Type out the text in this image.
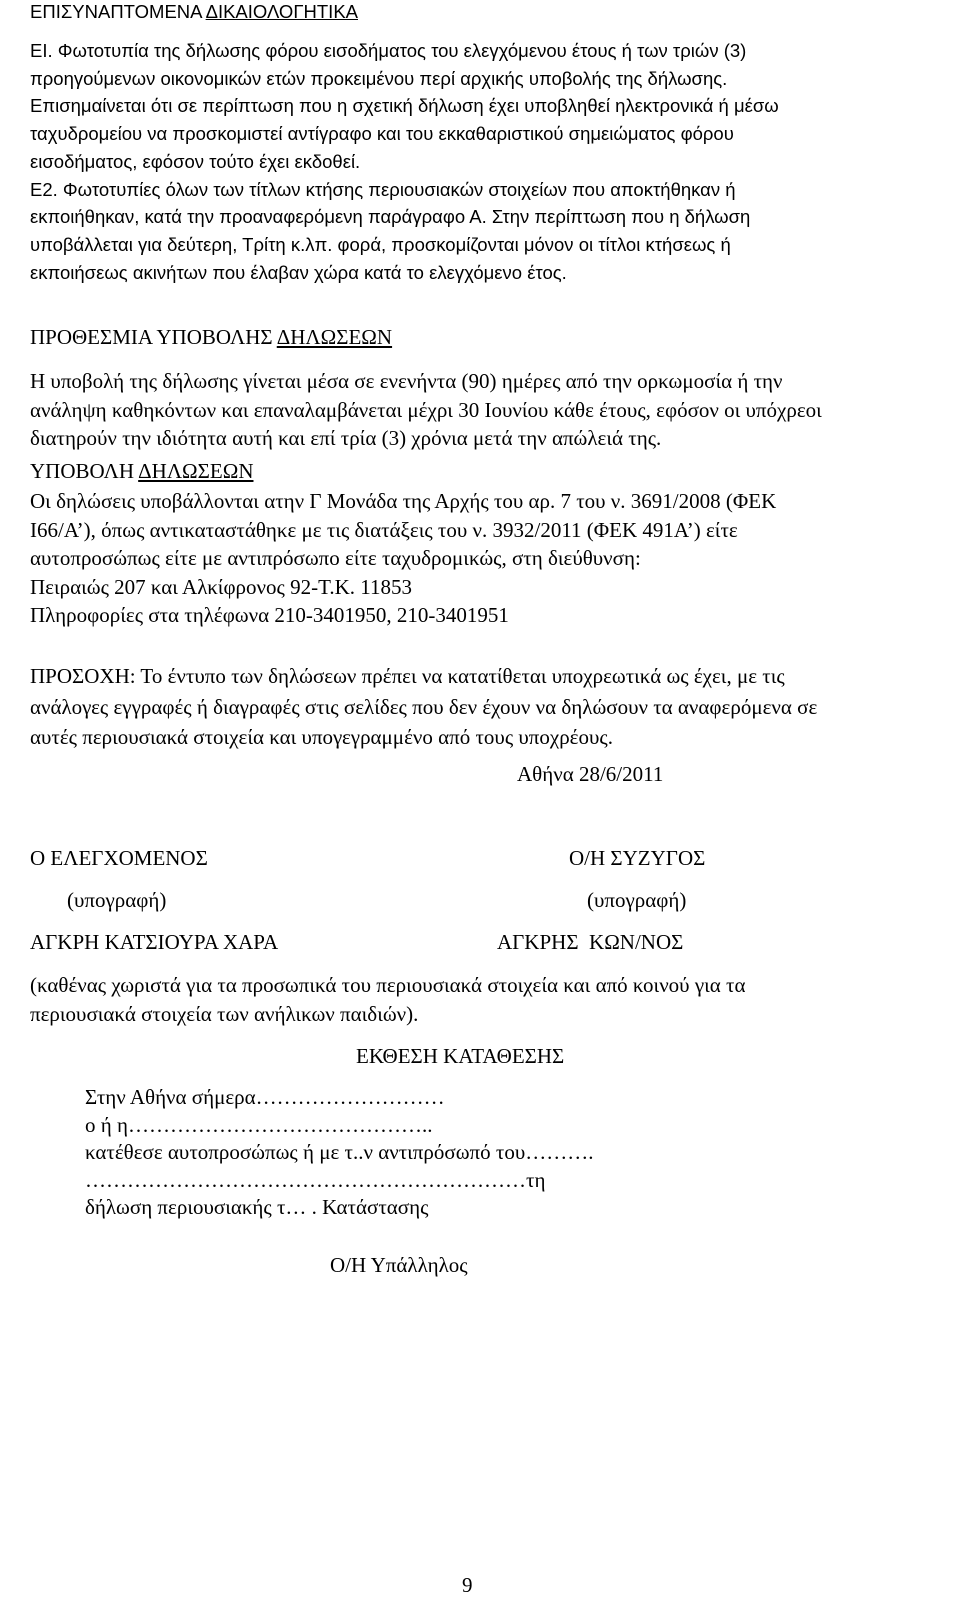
ΕΠΙΣΥΝΑΠΤΟΜΕΝΑ ΔΙΚΑΙΟΛΟΓΗΤΙΚΑ
ΕΙ. Φωτοτυπία της δήλωσης φόρου εισοδήματος του ελεγχόμενου έτους ή των τριών (3)
προηγούμενων οικονομικών ετών προκειμένου περί αρχικής υποβολής της δήλωσης.
Επισημαίνεται ότι σε περίπτωση που η σχετική δήλωση έχει υποβληθεί ηλεκτρονικά ή μέσω
ταχυδρομείου να προσκομιστεί αντίγραφο και του εκκαθαριστικού σημειώματος φόρου
εισοδήματος, εφόσον τούτο έχει εκδοθεί.
Ε2. Φωτοτυπίες όλων των τίτλων κτήσης περιουσιακών στοιχείων που αποκτήθηκαν ή
εκποιήθηκαν, κατά την προαναφερόμενη παράγραφο Α. Στην περίπτωση που η δήλωση
υποβάλλεται για δεύτερη, Τρίτη κ.λπ. φορά, προσκομίζονται μόνον οι τίτλοι κτήσεως ή
εκποιήσεως ακινήτων που έλαβαν χώρα κατά το ελεγχόμενο έτος.
ΠΡΟΘΕΣΜΙΑ ΥΠΟΒΟΛΗΣ ΔΗΛΩΣΕΩΝ
Η υποβολή της δήλωσης γίνεται μέσα σε ενενήντα (90) ημέρες από την ορκωμοσία ή την
ανάληψη καθηκόντων και επαναλαμβάνεται μέχρι 30 Ιουνίου κάθε έτους, εφόσον οι υπόχρεοι
διατηρούν την ιδιότητα αυτή και επί τρία (3) χρόνια μετά την απώλειά της.
ΥΠΟΒΟΛΗ ΔΗΛΩΣΕΩΝ
Οι δηλώσεις υποβάλλονται ατην Γ Μονάδα της Αρχής του αρ. 7 του ν. 3691/2008 (ΦΕΚ
Ι66/Α’), όπως αντικαταστάθηκε με τις διατάξεις του ν. 3932/2011 (ΦΕΚ 491Α’) είτε
αυτοπροσώπως είτε με αντιπρόσωπο είτε ταχυδρομικώς, στη διεύθυνση:
Πειραιώς 207 και Αλκίφρονος 92-Τ.Κ. 11853
Πληροφορίες στα τηλέφωνα 210-3401950, 210-3401951
ΠΡΟΣΟΧΗ: Το έντυπο των δηλώσεων πρέπει να κατατίθεται υποχρεωτικά ως έχει, με τις
ανάλογες εγγραφές ή διαγραφές στις σελίδες που δεν έχουν να δηλώσουν τα αναφερόμενα σε
αυτές περιουσιακά στοιχεία και υπογεγραμμένο από τους υποχρέους.
Αθήνα 28/6/2011
Ο ΕΛΕΓΧΟΜΕΝΟΣ	Ο/Η ΣΥΖΥΓΟΣ
(υπογραφή)	(υπογραφή)
ΑΓΚΡΗ ΚΑΤΣΙΟΥΡΑ ΧΑΡΑ	ΑΓΚΡΗΣ  ΚΩΝ/ΝΟΣ
(καθένας χωριστά για τα προσωπικά του περιουσιακά στοιχεία και από κοινού για τα
περιουσιακά στοιχεία των ανήλικων παιδιών).
ΕΚΘΕΣΗ ΚΑΤΑΘΕΣΗΣ
Στην Αθήνα σήμερα………………………
ο ή η……………………………………..
κατέθεσε αυτοπροσώπως ή με τ..ν αντιπρόσωπό του……….
………………………………………………………τη
δήλωση περιουσιακής τ… . Κατάστασης
Ο/Η Υπάλληλος
9
